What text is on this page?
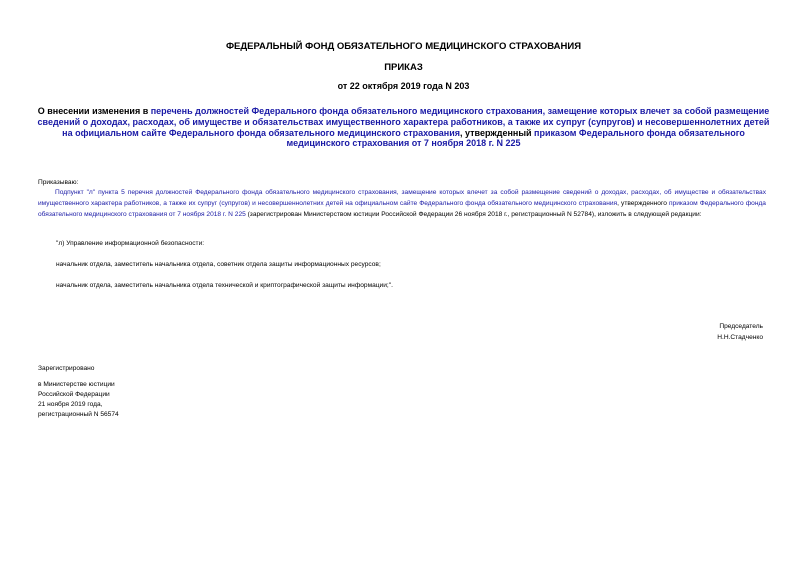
ФЕДЕРАЛЬНЫЙ ФОНД ОБЯЗАТЕЛЬНОГО МЕДИЦИНСКОГО СТРАХОВАНИЯ
ПРИКАЗ
от 22 октября 2019 года N 203
О внесении изменения в перечень должностей Федерального фонда обязательного медицинского страхования, замещение которых влечет за собой размещение сведений о доходах, расходах, об имуществе и обязательствах имущественного характера работников, а также их супруг (супругов) и несовершеннолетних детей на официальном сайте Федерального фонда обязательного медицинского страхования, утвержденный приказом Федерального фонда обязательного медицинского страхования от 7 ноября 2018 г. N 225
Приказываю:
Подпункт "л" пункта 5 перечня должностей Федерального фонда обязательного медицинского страхования, замещение которых влечет за собой размещение сведений о доходах, расходах, об имуществе и обязательствах имущественного характера работников, а также их супруг (супругов) и несовершеннолетних детей на официальном сайте Федерального фонда обязательного медицинского страхования, утвержденного приказом Федерального фонда обязательного медицинского страхования от 7 ноября 2018 г. N 225 (зарегистрирован Министерством юстиции Российской Федерации 26 ноября 2018 г., регистрационный N 52784), изложить в следующей редакции:
"л) Управление информационной безопасности:
начальник отдела, заместитель начальника отдела, советник отдела защиты информационных ресурсов;
начальник отдела, заместитель начальника отдела технической и криптографической защиты информации;".
Председатель
Н.Н.Стадченко
Зарегистрировано
в Министерстве юстиции
Российской Федерации
21 ноября 2019 года,
регистрационный N 56574
